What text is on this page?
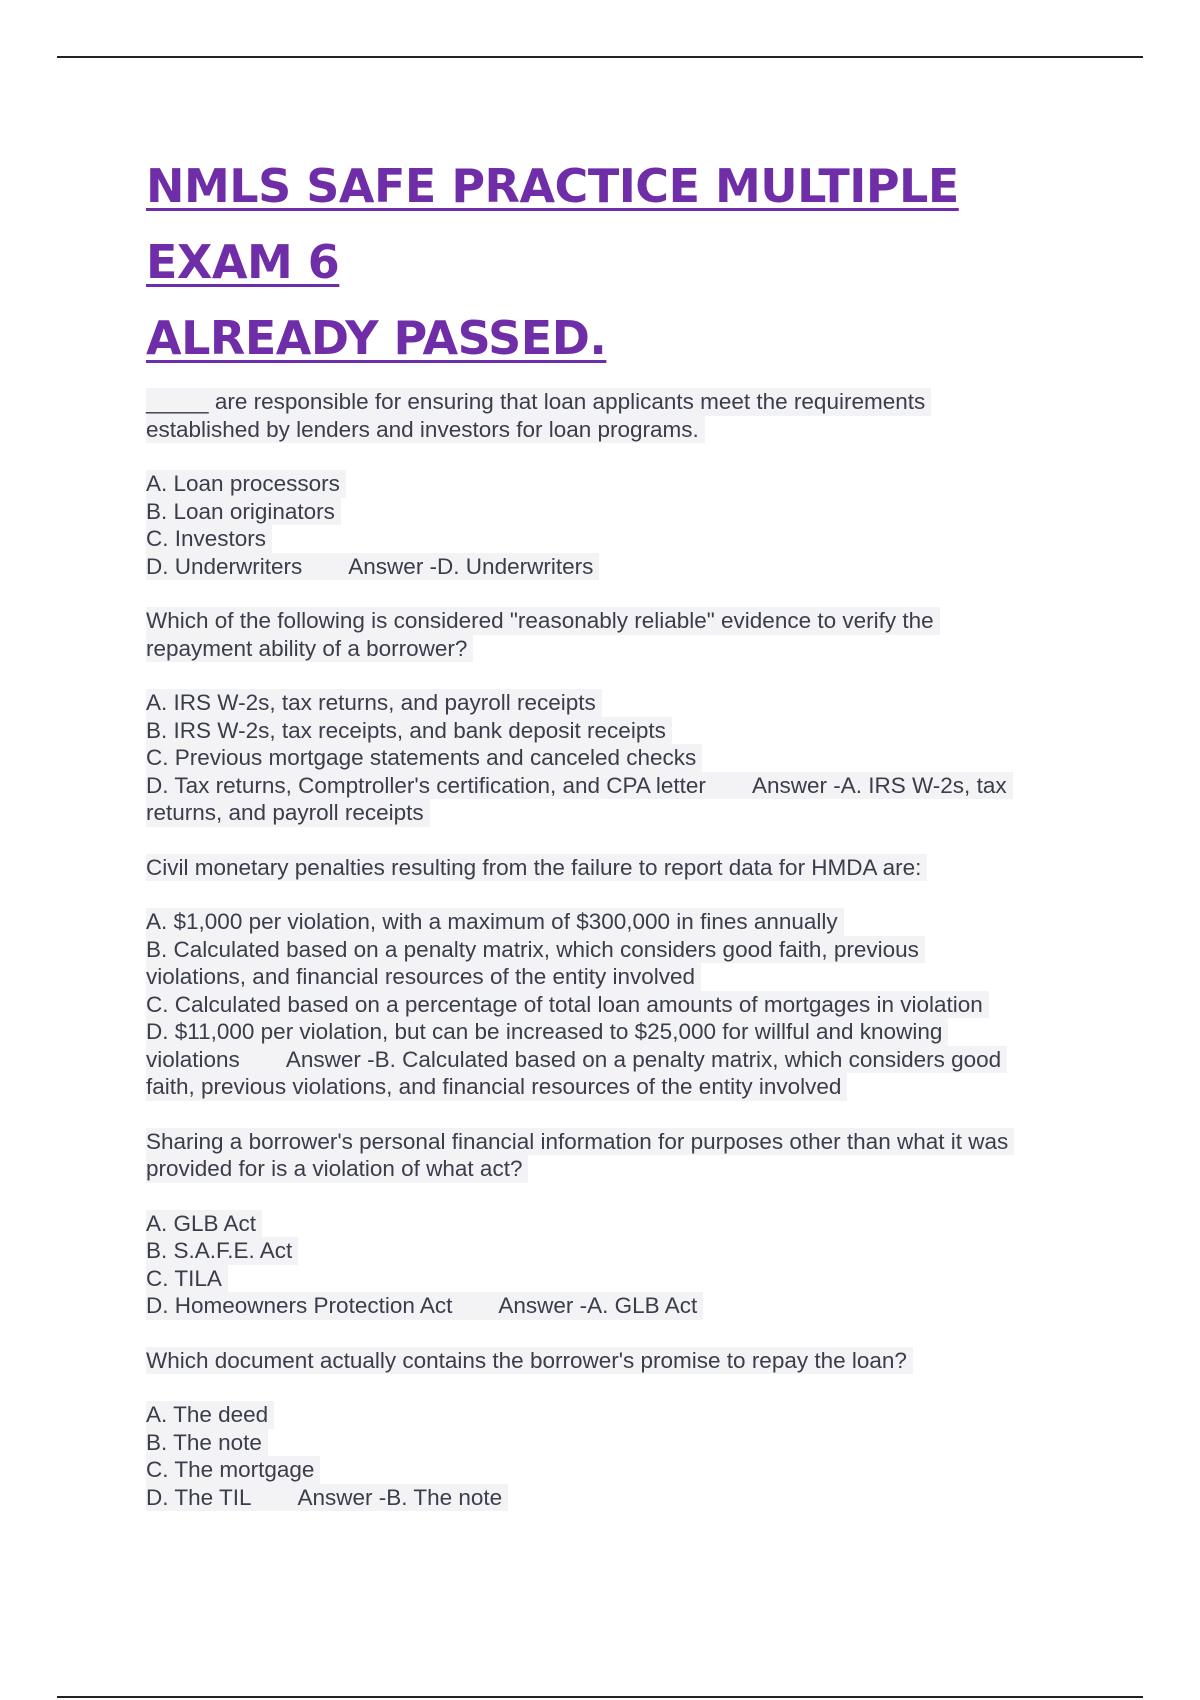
NMLS SAFE PRACTICE MULTIPLE EXAM 6
ALREADY PASSED.
_____ are responsible for ensuring that loan applicants meet the requirements
established by lenders and investors for loan programs.
A. Loan processors
B. Loan originators
C. Investors
D. Underwriters Answer -D. Underwriters
Which of the following is considered "reasonably reliable" evidence to verify the
repayment ability of a borrower?
A. IRS W-2s, tax returns, and payroll receipts
B. IRS W-2s, tax receipts, and bank deposit receipts
C. Previous mortgage statements and canceled checks
D. Tax returns, Comptroller's certification, and CPA letter Answer -A. IRS W-2s, tax
returns, and payroll receipts
Civil monetary penalties resulting from the failure to report data for HMDA are:
A. $1,000 per violation, with a maximum of $300,000 in fines annually
B. Calculated based on a penalty matrix, which considers good faith, previous
violations, and financial resources of the entity involved
C. Calculated based on a percentage of total loan amounts of mortgages in violation
D. $11,000 per violation, but can be increased to $25,000 for willful and knowing
violations Answer -B. Calculated based on a penalty matrix, which considers good
faith, previous violations, and financial resources of the entity involved
Sharing a borrower's personal financial information for purposes other than what it was
provided for is a violation of what act?
A. GLB Act
B. S.A.F.E. Act
C. TILA
D. Homeowners Protection Act Answer -A. GLB Act
Which document actually contains the borrower's promise to repay the loan?
A. The deed
B. The note
C. The mortgage
D. The TIL Answer -B. The note
